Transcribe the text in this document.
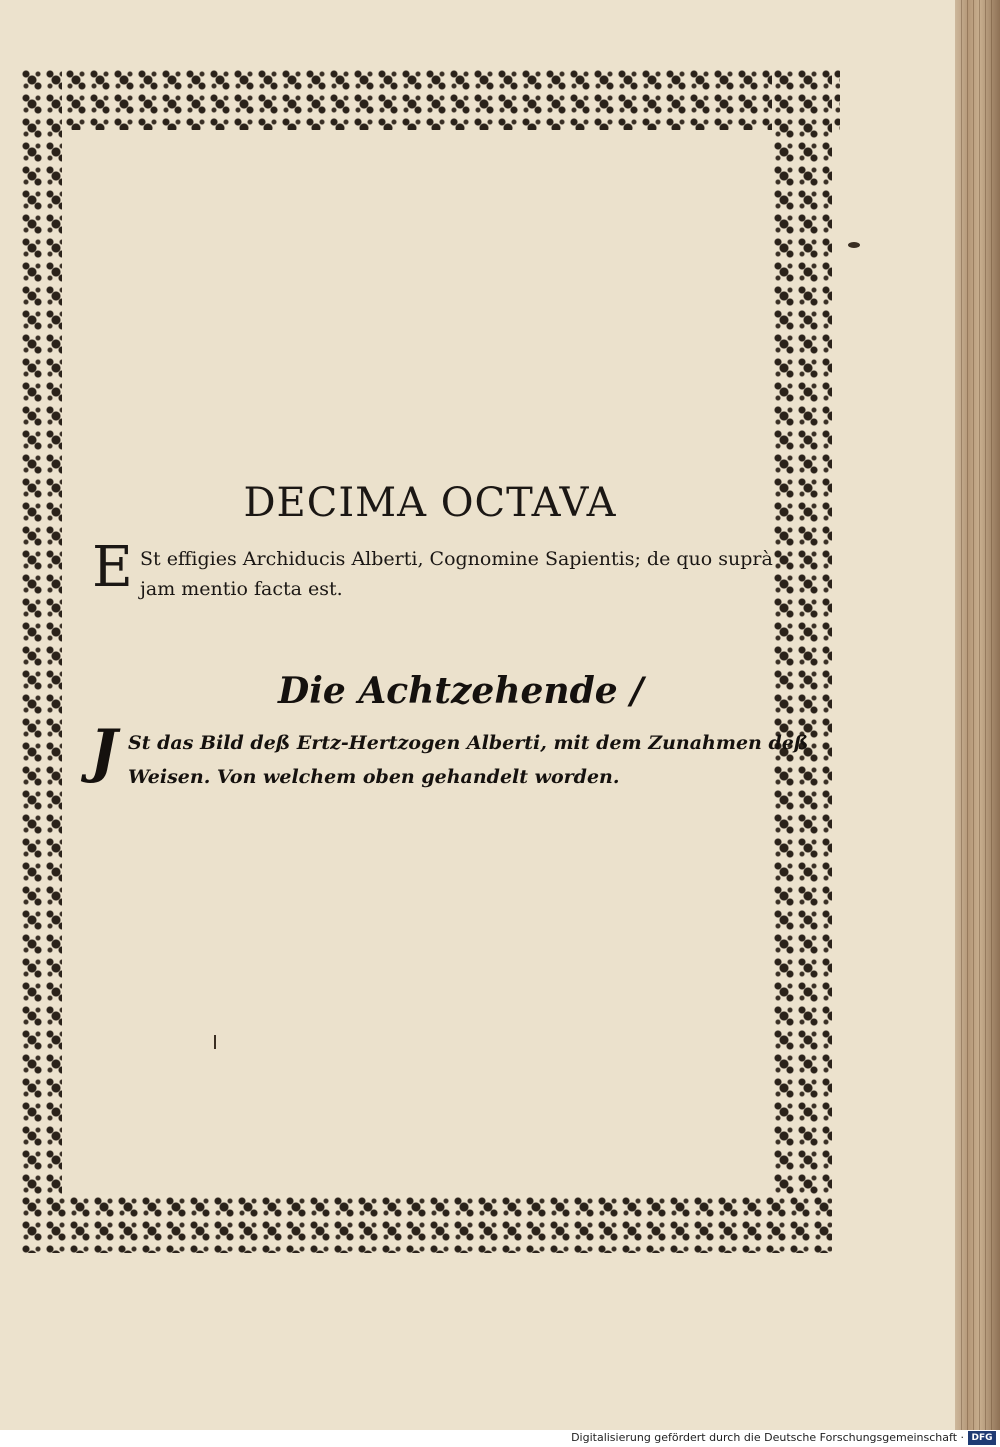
DECIMA OCTAVA
E St effigies Archiducis Alberti, Cognomine Sapientis; de quo suprà
jam mentio facta est.
Die Achtzehende /
J St das Bild deß Ertz-Hertzogen Alberti, mit dem Zunahmen deß
Weisen. Von welchem oben gehandelt worden.
Digitalisierung gefördert durch die Deutsche Forschungsgemeinschaft · DFG
